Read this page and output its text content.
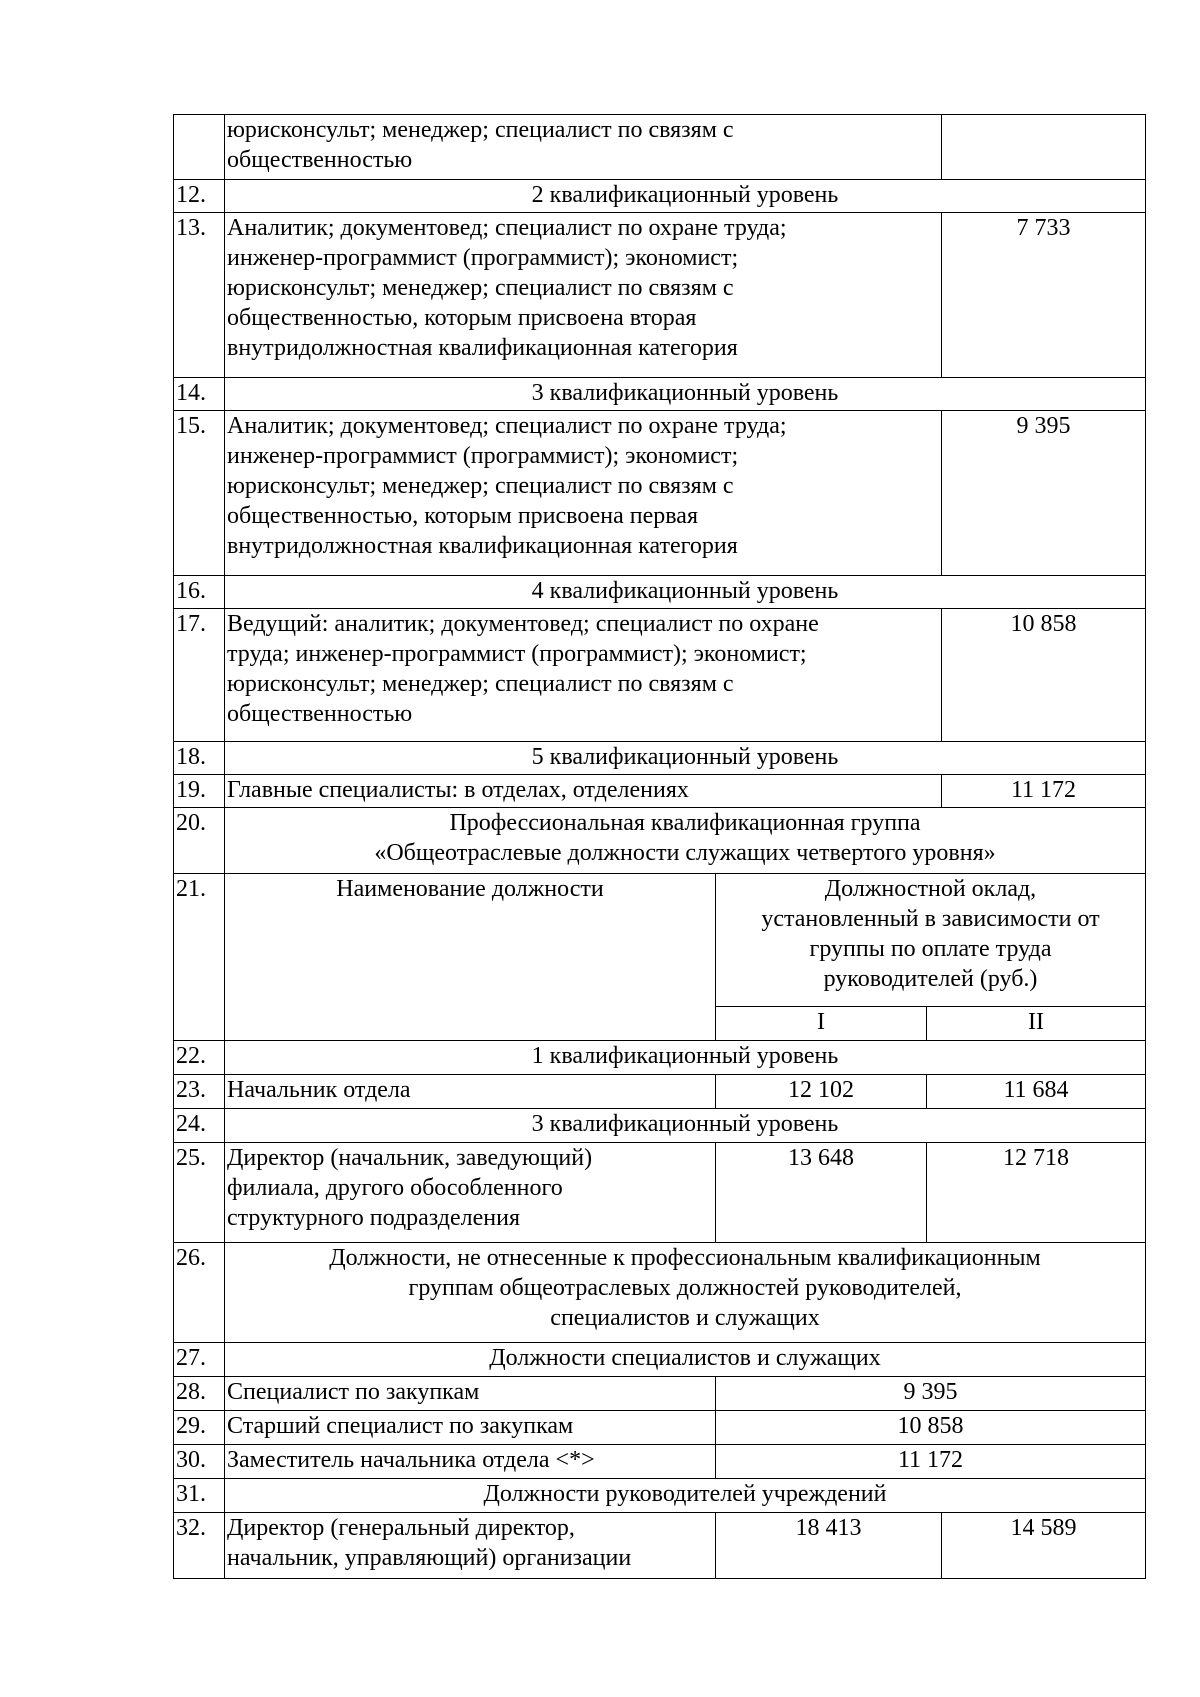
	юрисконсульт; менеджер; специалист по связям с
общественностью			
12.	2 квалификационный уровень			
13.	Аналитик; документовед; специалист по охране труда;
инженер-программист (программист); экономист;
юрисконсульт; менеджер; специалист по связям с
общественностью, которым присвоена вторая
внутридолжностная квалификационная категория			7 733
14.	3 квалификационный уровень			
15.	Аналитик; документовед; специалист по охране труда;
инженер-программист (программист); экономист;
юрисконсульт; менеджер; специалист по связям с
общественностью, которым присвоена первая
внутридолжностная квалификационная категория			9 395
16.	4 квалификационный уровень			
17.	Ведущий: аналитик; документовед; специалист по охране
труда; инженер-программист (программист); экономист;
юрисконсульт; менеджер; специалист по связям с
общественностью			10 858
18.	5 квалификационный уровень			
19.	Главные специалисты: в отделах, отделениях			11 172
20.	Профессиональная квалификационная группа
«Общеотраслевые должности служащих четвертого уровня»			
21.	Наименование должности	Должностной оклад,
установленный в зависимости от
группы по оплате труда
руководителей (руб.)		
		I	II	
22.	1 квалификационный уровень			
23.	Начальник отдела	12 102	11 684	
24.	3 квалификационный уровень			
25.	Директор (начальник, заведующий)
филиала, другого обособленного
структурного подразделения	13 648	12 718	
26.	Должности, не отнесенные к профессиональным квалификационным
группам общеотраслевых должностей руководителей,
специалистов и служащих			
27.	Должности специалистов и служащих			
28.	Специалист по закупкам	9 395		
29.	Старший специалист по закупкам	10 858		
30.	Заместитель начальника отдела <*>	11 172		
31.	Должности руководителей учреждений			
32.	Директор (генеральный директор,
начальник, управляющий) организации	18 413		14 589
